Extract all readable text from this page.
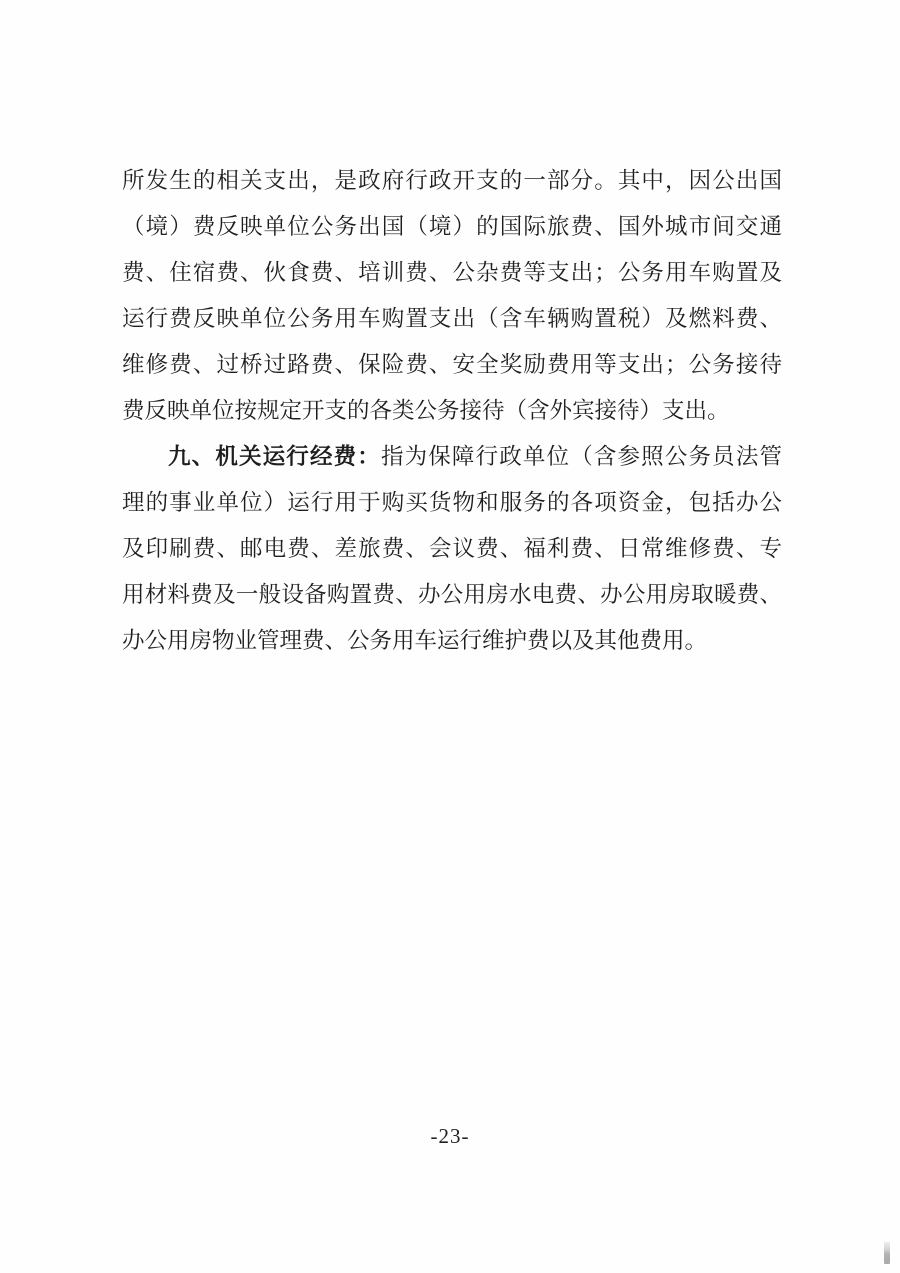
所发生的相关支出，是政府行政开支的一部分。其中，因公出国

（境）费反映单位公务出国（境）的国际旅费、国外城市间交通

费、住宿费、伙食费、培训费、公杂费等支出；公务用车购置及

运行费反映单位公务用车购置支出（含车辆购置税）及燃料费、

维修费、过桥过路费、保险费、安全奖励费用等支出；公务接待

费反映单位按规定开支的各类公务接待（含外宾接待）支出。

九、机关运行经费：指为保障行政单位（含参照公务员法管

理的事业单位）运行用于购买货物和服务的各项资金，包括办公

及印刷费、邮电费、差旅费、会议费、福利费、日常维修费、专

用材料费及一般设备购置费、办公用房水电费、办公用房取暖费、

办公用房物业管理费、公务用车运行维护费以及其他费用。

-23-
